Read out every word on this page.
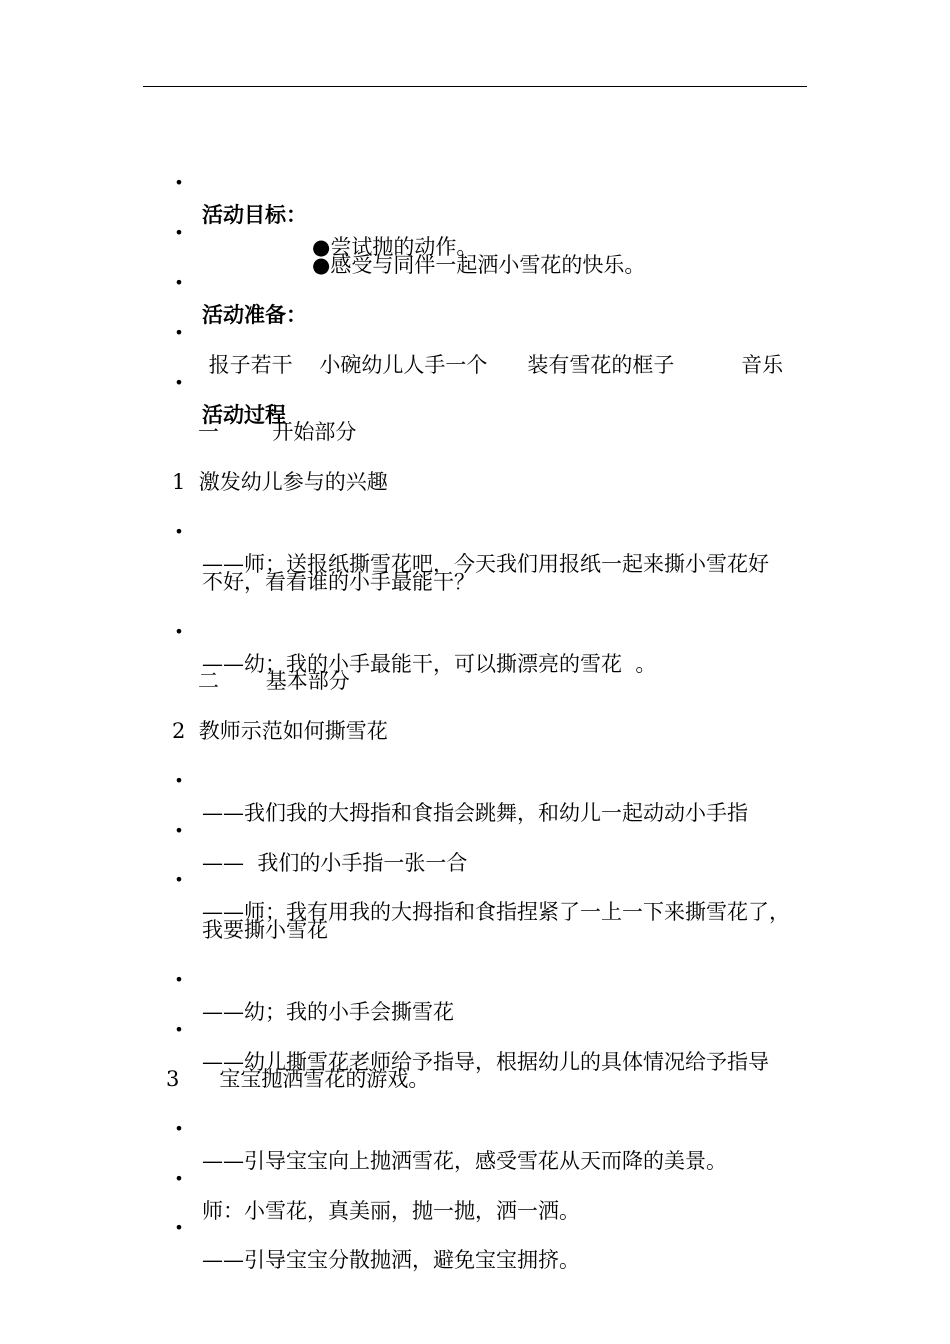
•

活动目标：

●尝试抛的动作。

•

●感受与同伴一起洒小雪花的快乐。

•

活动准备：

•

报子若干    小碗幼儿人手一个      装有雪花的框子          音乐

•

活动过程

一        开始部分

1  激发幼儿参与的兴趣

•

——师；送报纸撕雪花吧，今天我们用报纸一起来撕小雪花好

不好，看看谁的小手最能干？

•

——幼；我的小手最能干，可以撕漂亮的雪花  。

二       基本部分

2  教师示范如何撕雪花

•

——我们我的大拇指和食指会跳舞，和幼儿一起动动小手指

•

——  我们的小手指一张一合

•

——师；我有用我的大拇指和食指捏紧了一上一下来撕雪花了，

我要撕小雪花

•

——幼；我的小手会撕雪花

•

——幼儿撕雪花老师给予指导，根据幼儿的具体情况给予指导

3      宝宝抛洒雪花的游戏。

•

——引导宝宝向上抛洒雪花，感受雪花从天而降的美景。

•

师：小雪花，真美丽，抛一抛，洒一洒。

•

——引导宝宝分散抛洒，避免宝宝拥挤。
